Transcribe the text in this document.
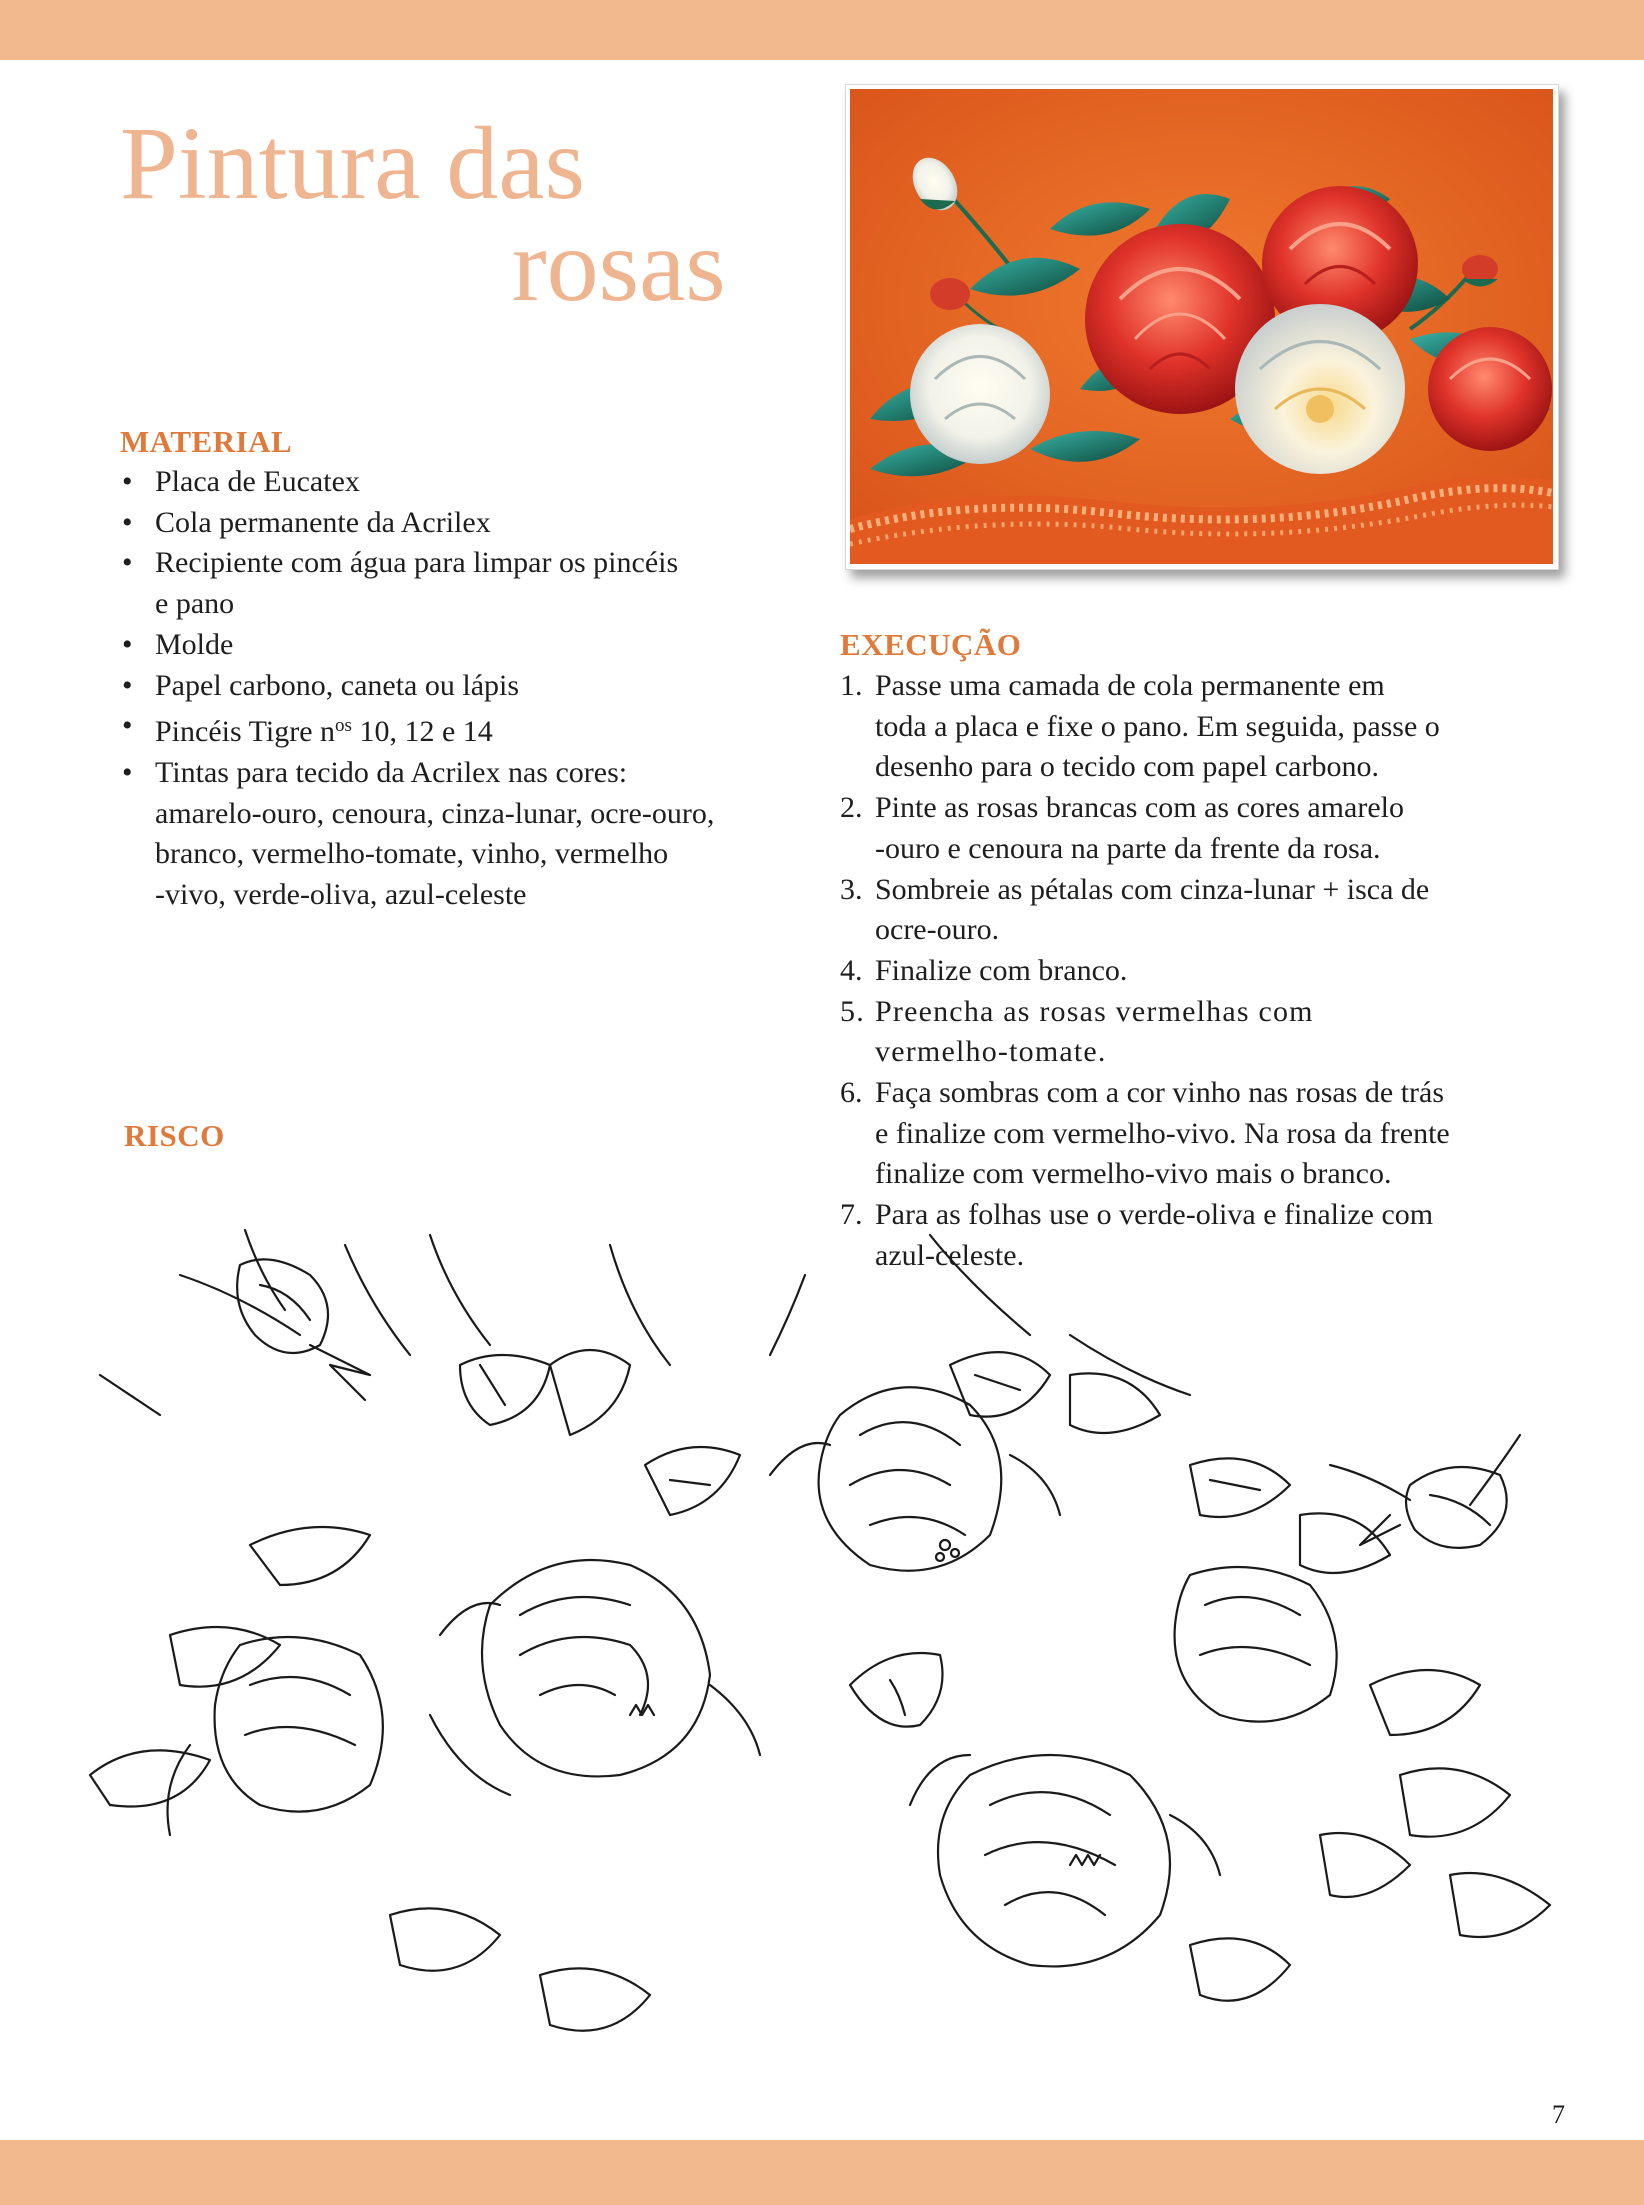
Pintura das
rosas
MATERIAL
• Placa de Eucatex
• Cola permanente da Acrilex
• Recipiente com água para limpar os pincéis
e pano
• Molde
• Papel carbono, caneta ou lápis
• Pincéis Tigre $n^{os}$ 10, 12 e 14
• Tintas para tecido da Acrilex nas cores:
amarelo-ouro, cenoura, cinza-lunar, ocre-ouro,
branco, vermelho-tomate, vinho, vermelho
-vivo, verde-oliva, azul-celeste
EXECUÇÃO
1. Passe uma camada de cola permanente em
toda a placa e fixe o pano. Em seguida, passe o
desenho para o tecido com papel carbono.
2. Pinte as rosas brancas com as cores amarelo
-ouro e cenoura na parte da frente da rosa.
3. Sombreie as pétalas com cinza-lunar + isca de
ocre-ouro.
4. Finalize com branco.
5. Preencha as rosas vermelhas com
vermelho-tomate.
6. Faça sombras com a cor vinho nas rosas de trás
e finalize com vermelho-vivo. Na rosa da frente
finalize com vermelho-vivo mais o branco.
7. Para as folhas use o verde-oliva e finalize com
azul-celeste.
RISCO
7
